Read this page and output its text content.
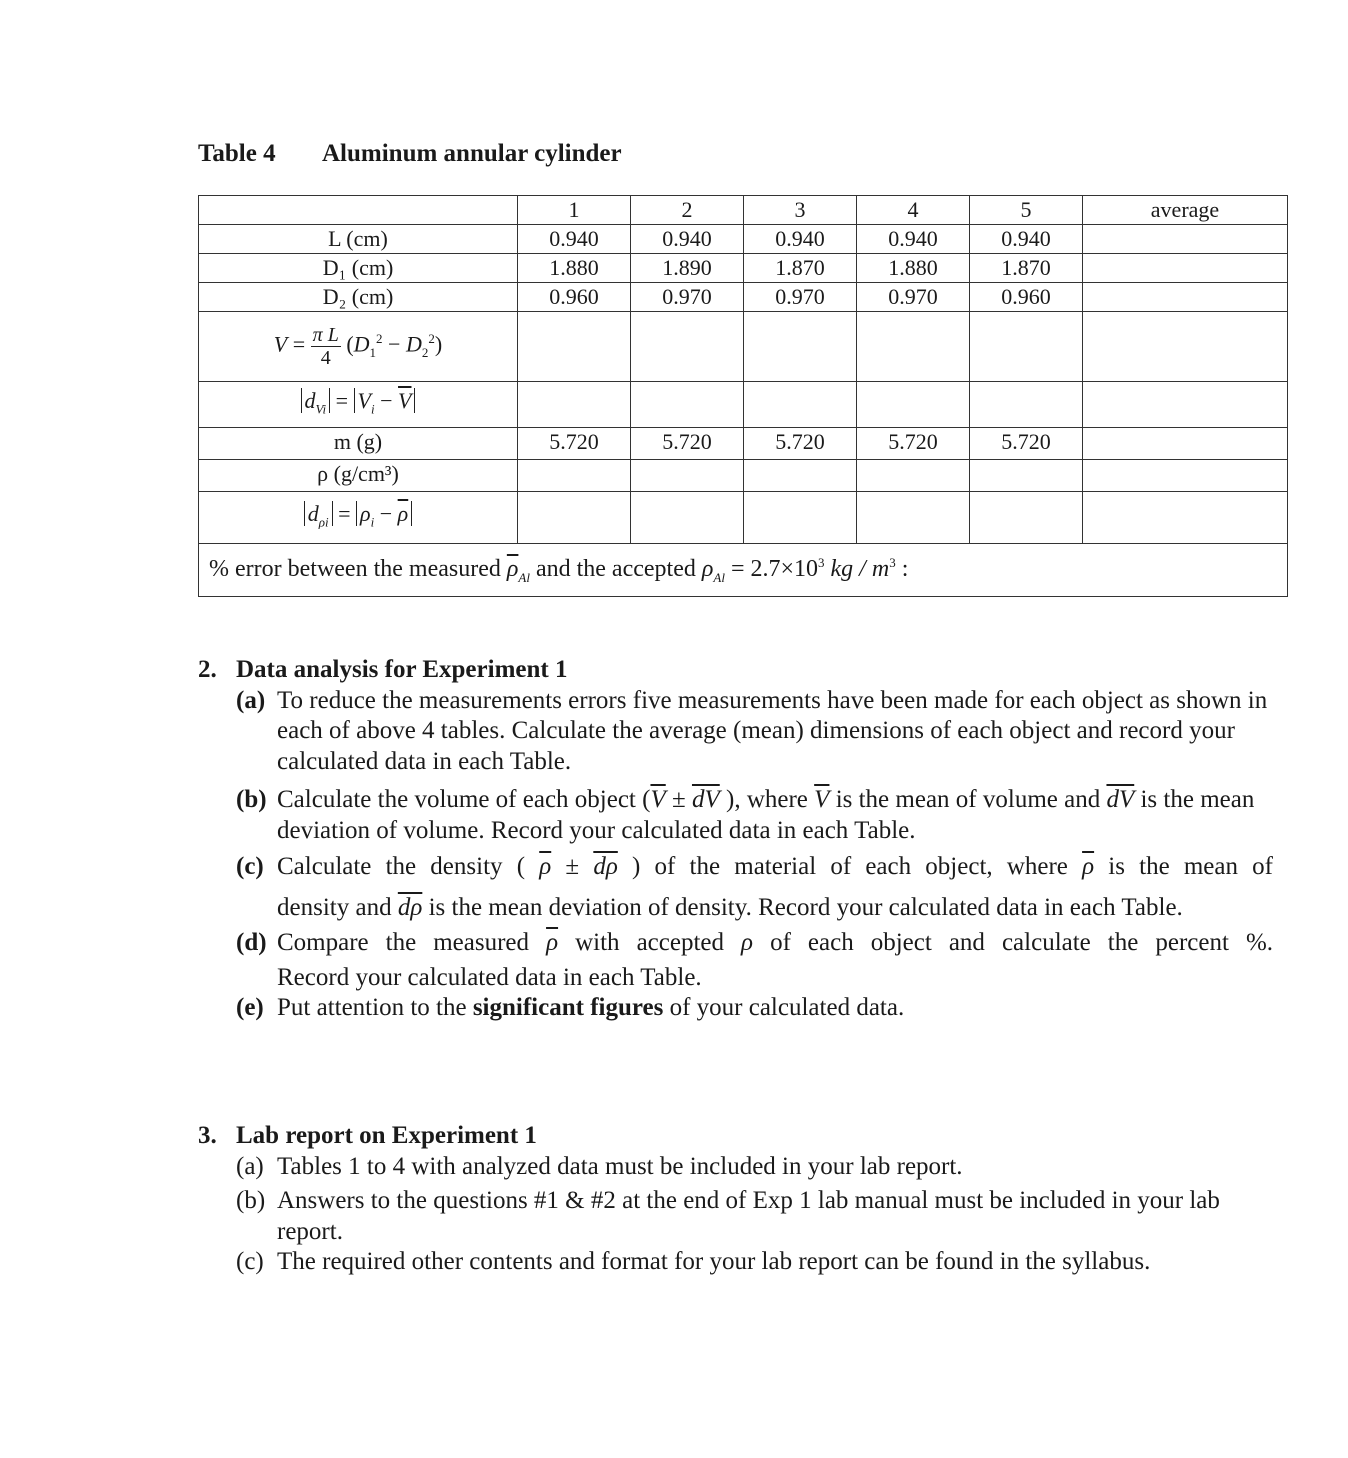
Table 4 Aluminum annular cylinder
	1	2	3	4	5	average
L (cm)	0.940	0.940	0.940	0.940	0.940	
D₁ (cm)	1.880	1.890	1.870	1.880	1.870	
D₂ (cm)	0.960	0.970	0.970	0.970	0.960	
$V = \frac{\text{π L}}{4} (D_1^2 - D_2^2)$						
$d_{Vi} = V_i - \overline{V}$						
m (g)	5.720	5.720	5.720	5.720	5.720	
ρ (g/cm³)						
$d_{\rho i} = \rho_i - \overline{\rho}$						
% error between the measured $\overline{\rho}_{Al}$ and the accepted $\rho_{Al} = 2.7\times 10^3$ kg / $m^3$ :						
2. Data analysis for Experiment 1
(a) To reduce the measurements errors five measurements have been made for each object as shown in each of above 4 tables. Calculate the average (mean) dimensions of each object and record your calculated data in each Table.
(b) Calculate the volume of each object ($\overline{V} \pm \overline{dV}$ ), where $\overline{V}$ is the mean of volume and $\overline{dV}$ is the mean deviation of volume. Record your calculated data in each Table.
(c) Calculate the density ( $\overline{\rho} \pm \overline{d\rho}$ ) of the material of each object, where $\overline{\rho}$ is the mean of
density and $\overline{d\rho}$ is the mean deviation of density. Record your calculated data in each Table.
(d) Compare the measured $\overline{\rho}$ with accepted ρ of each object and calculate the percent %.
Record your calculated data in each Table.
(e) Put attention to the significant figures of your calculated data.
3. Lab report on Experiment 1
(a) Tables 1 to 4 with analyzed data must be included in your lab report.
(b) Answers to the questions #1 & #2 at the end of Exp 1 lab manual must be included in your lab report.
(c) The required other contents and format for your lab report can be found in the syllabus.
